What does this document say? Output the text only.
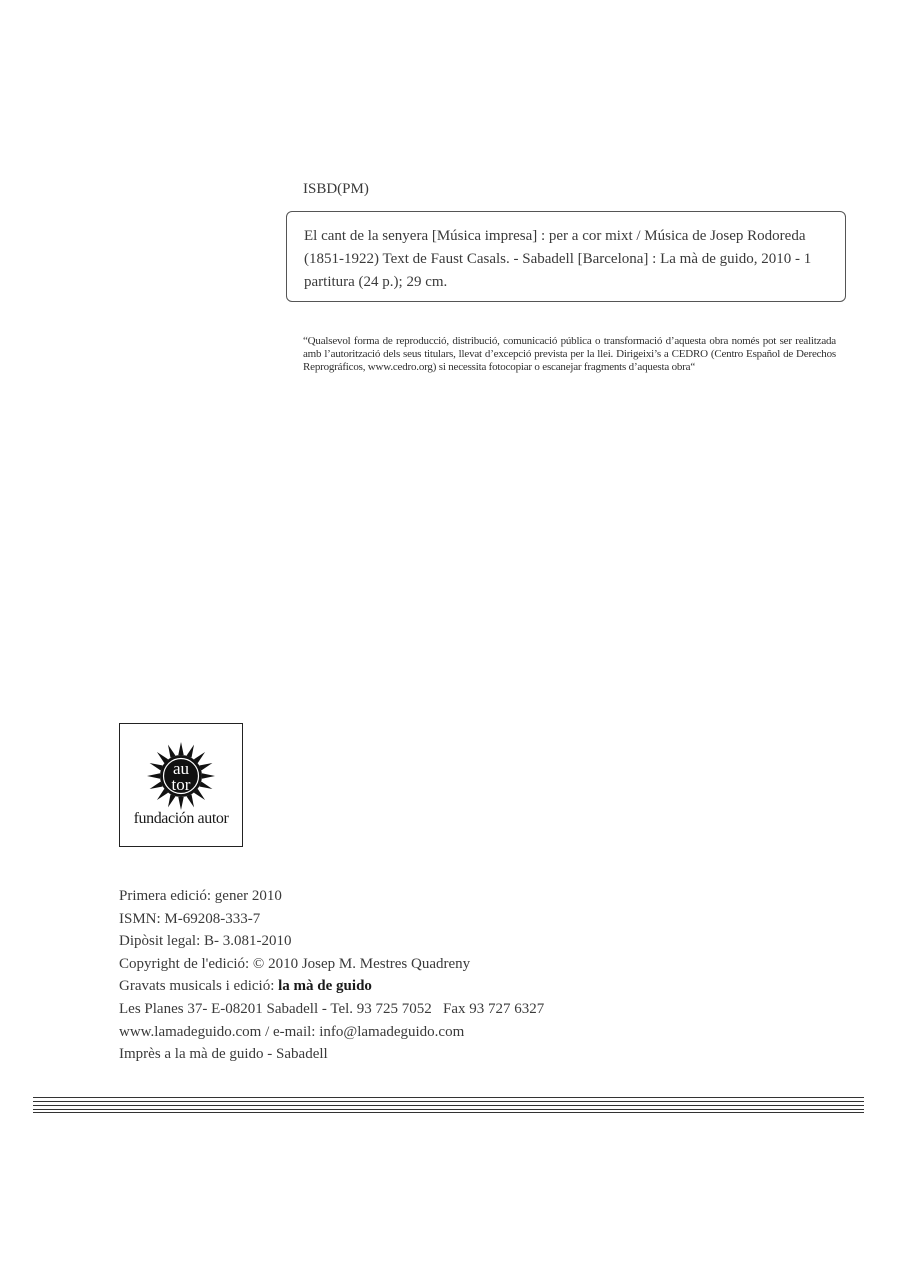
ISBD(PM)
El cant de la senyera [Música impresa] : per a cor mixt / Música de Josep Rodoreda (1851-1922) Text de Faust Casals. - Sabadell [Barcelona] : La mà de guido, 2010 - 1 partitura (24 p.); 29 cm.
“Qualsevol forma de reproducció, distribució, comunicació pública o transformació d’aquesta obra només pot ser realitzada amb l’autorització dels seus titulars, llevat d’excepció prevista per la llei. Dirigeixi’s a CEDRO (Centro Español de Derechos Reprográficos, www.cedro.org) si necessita fotocopiar o escanejar fragments d’aquesta obra“
au
tor
fundación autor
Primera edició: gener 2010
ISMN: M-69208-333-7
Dipòsit legal: B- 3.081-2010
Copyright de l'edició: © 2010 Josep M. Mestres Quadreny
Gravats musicals i edició: la mà de guido
Les Planes 37- E-08201 Sabadell - Tel. 93 725 7052   Fax 93 727 6327
www.lamadeguido.com / e-mail: info@lamadeguido.com
Imprès a la mà de guido - Sabadell
